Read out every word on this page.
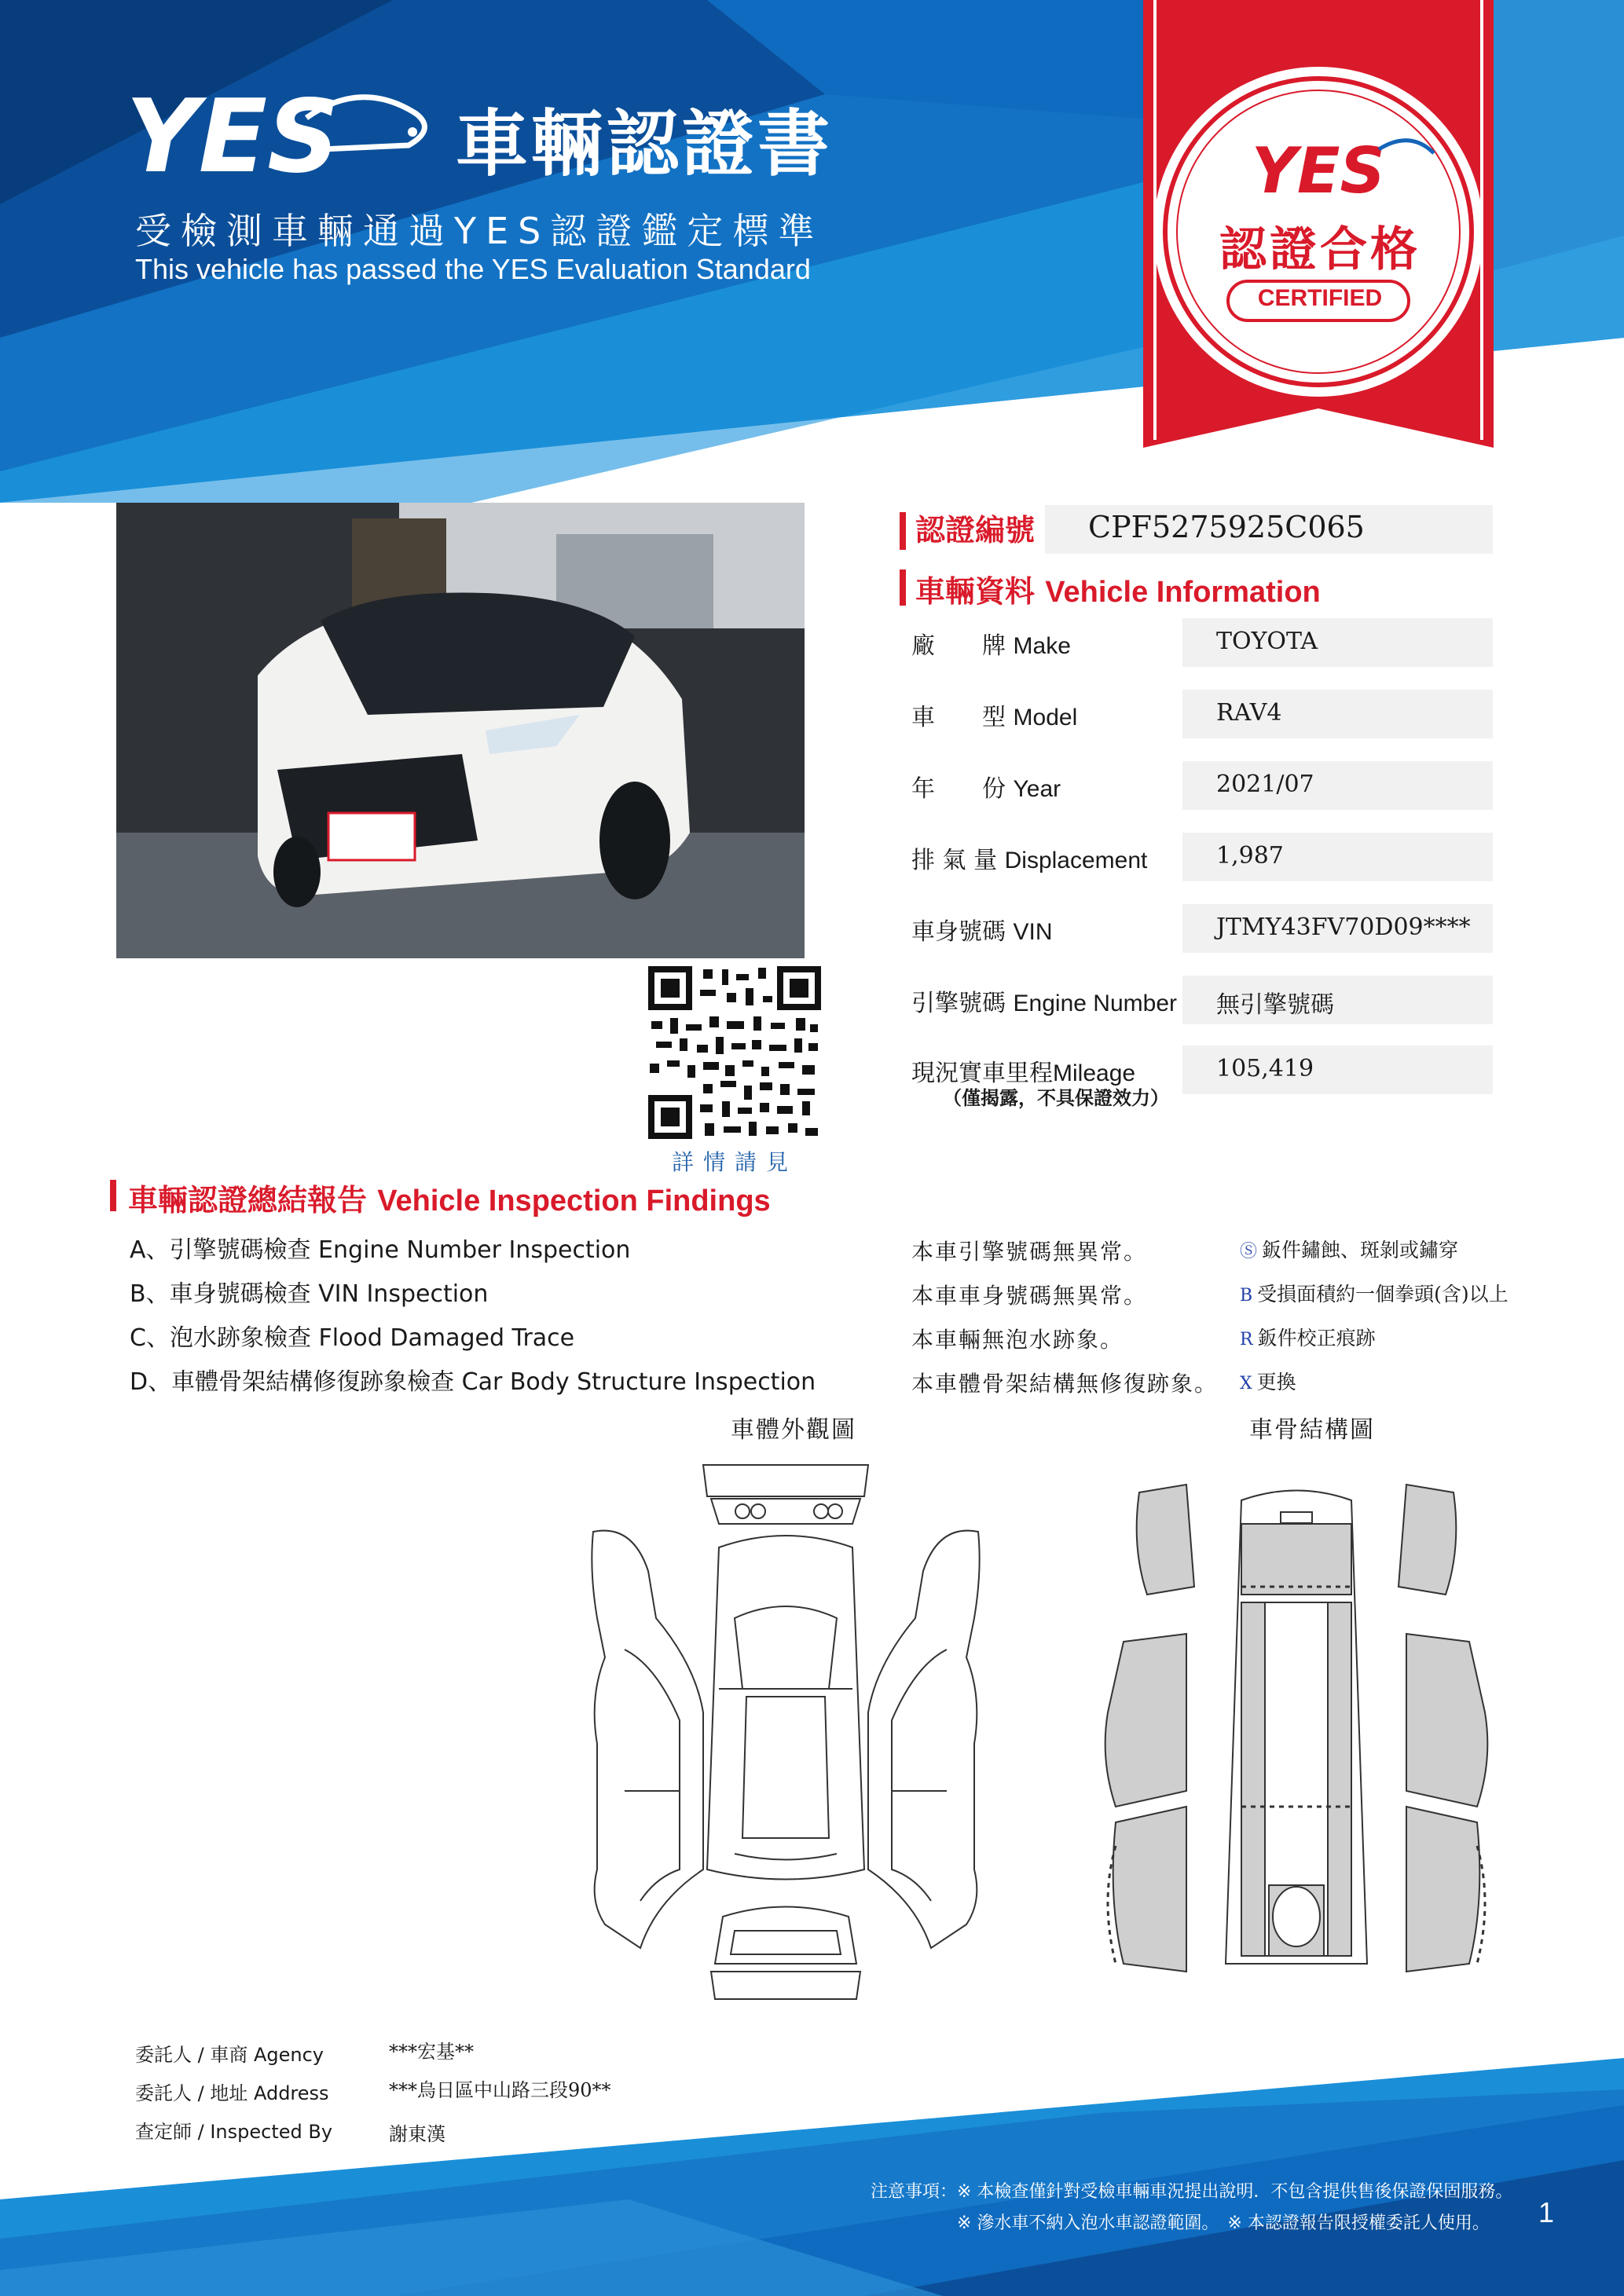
YES 車輛認證書
受檢測車輛通過YES認證鑑定標準
This vehicle has passed the YES Evaluation Standard
YES
認證合格
CERTIFIED
詳情請見
認證編號 CPF5275925C065
車輛資料 Vehicle Information
廠　　牌 Make	TOYOTA
車　　型 Model	RAV4
年　　份 Year	2021/07
排 氣 量 Displacement	1,987
車身號碼 VIN	JTMY43FV70D09****
引擎號碼 Engine Number 無引擎號碼
現況實車里程Mileage	105,419
（僅揭露，不具保證效力）
車輛認證總結報告 Vehicle Inspection Findings
A、引擎號碼檢查 Engine Number Inspection
B、車身號碼檢查 VIN Inspection
C、泡水跡象檢查 Flood Damaged Trace
D、車體骨架結構修復跡象檢查 Car Body Structure Inspection
本車引擎號碼無異常。
本車車身號碼無異常。
本車輛無泡水跡象。
本車體骨架結構無修復跡象。
Ⓢ 鈑件鏽蝕、斑剝或鏽穿
B 受損面積約一個拳頭(含)以上
R 鈑件校正痕跡
X 更換
車體外觀圖	車骨結構圖
委託人 / 車商 Agency	***宏基**
委託人 / 地址 Address	***烏日區中山路三段90**
查定師 / Inspected By	謝東漢
注意事項：※ 本檢查僅針對受檢車輛車況提出說明．不包含提供售後保證保固服務。
※ 滲水車不納入泡水車認證範圍。　※ 本認證報告限授權委託人使用。 1
